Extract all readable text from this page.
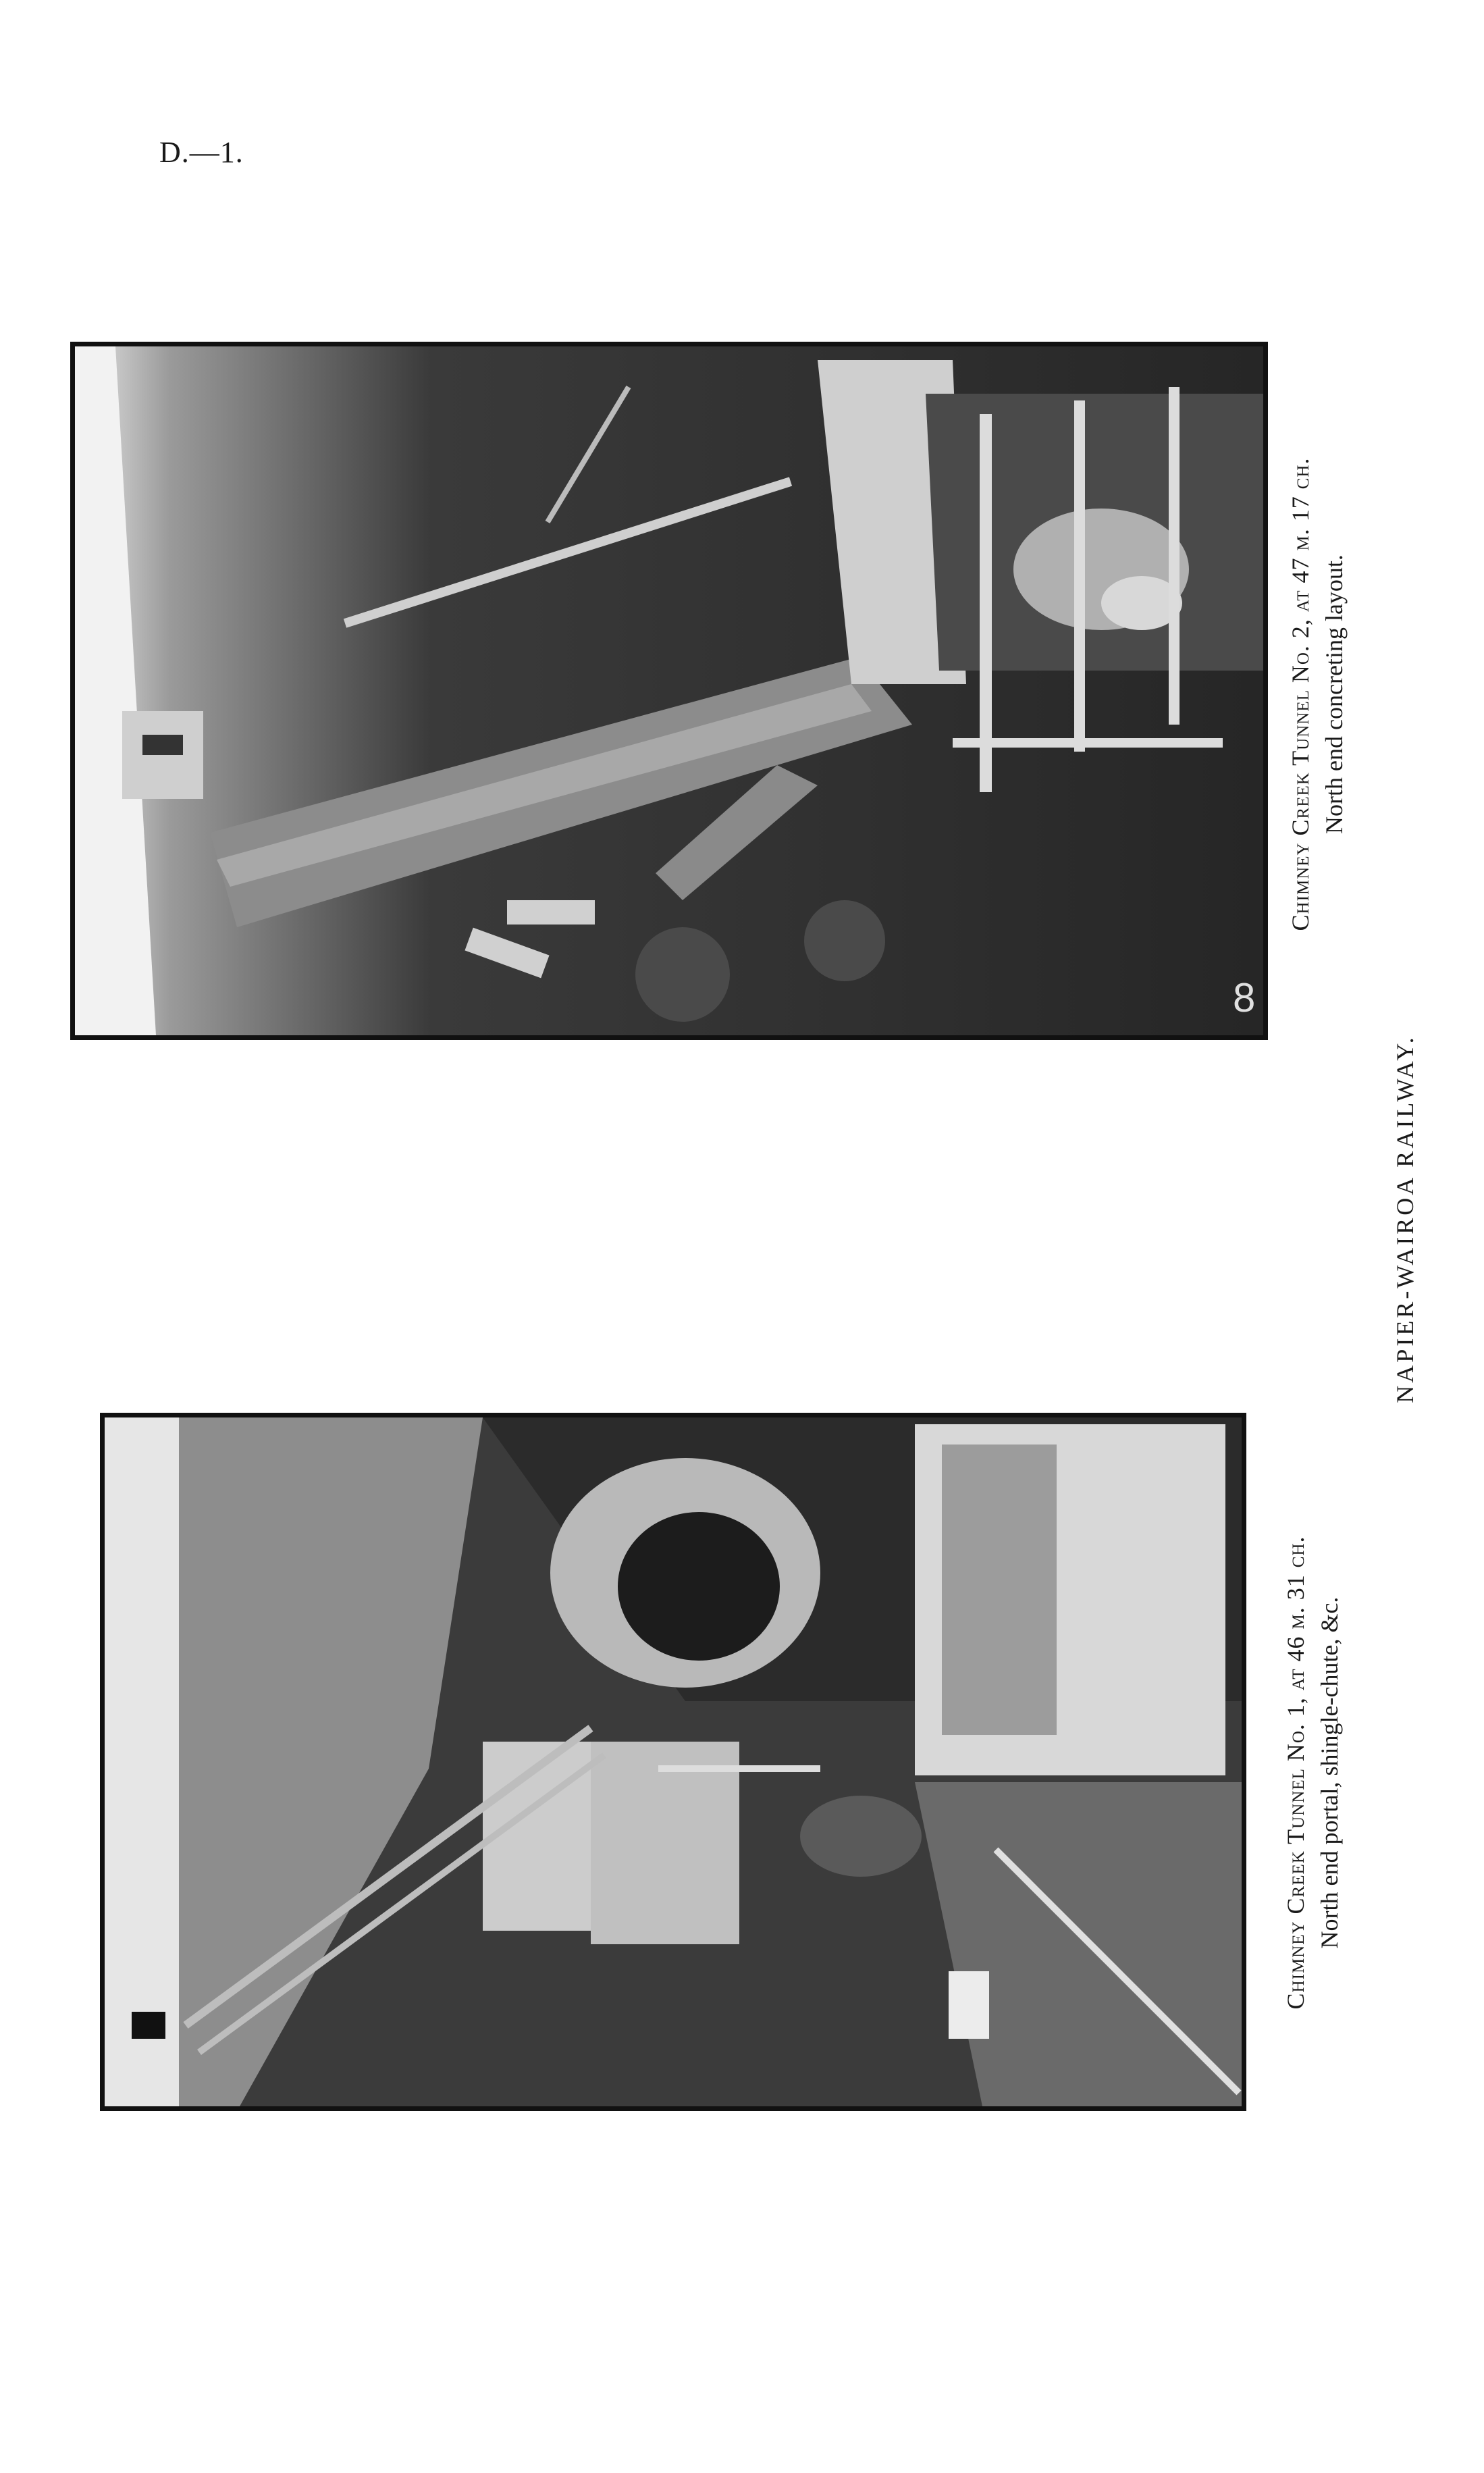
D.—1.
8
Chimney Creek Tunnel No. 2, at 47 m. 17 ch. North end concreting layout.
Chimney Creek Tunnel No. 1, at 46 m. 31 ch. North end portal, shingle-chute, &c.
NAPIER-WAIROA RAILWAY.
